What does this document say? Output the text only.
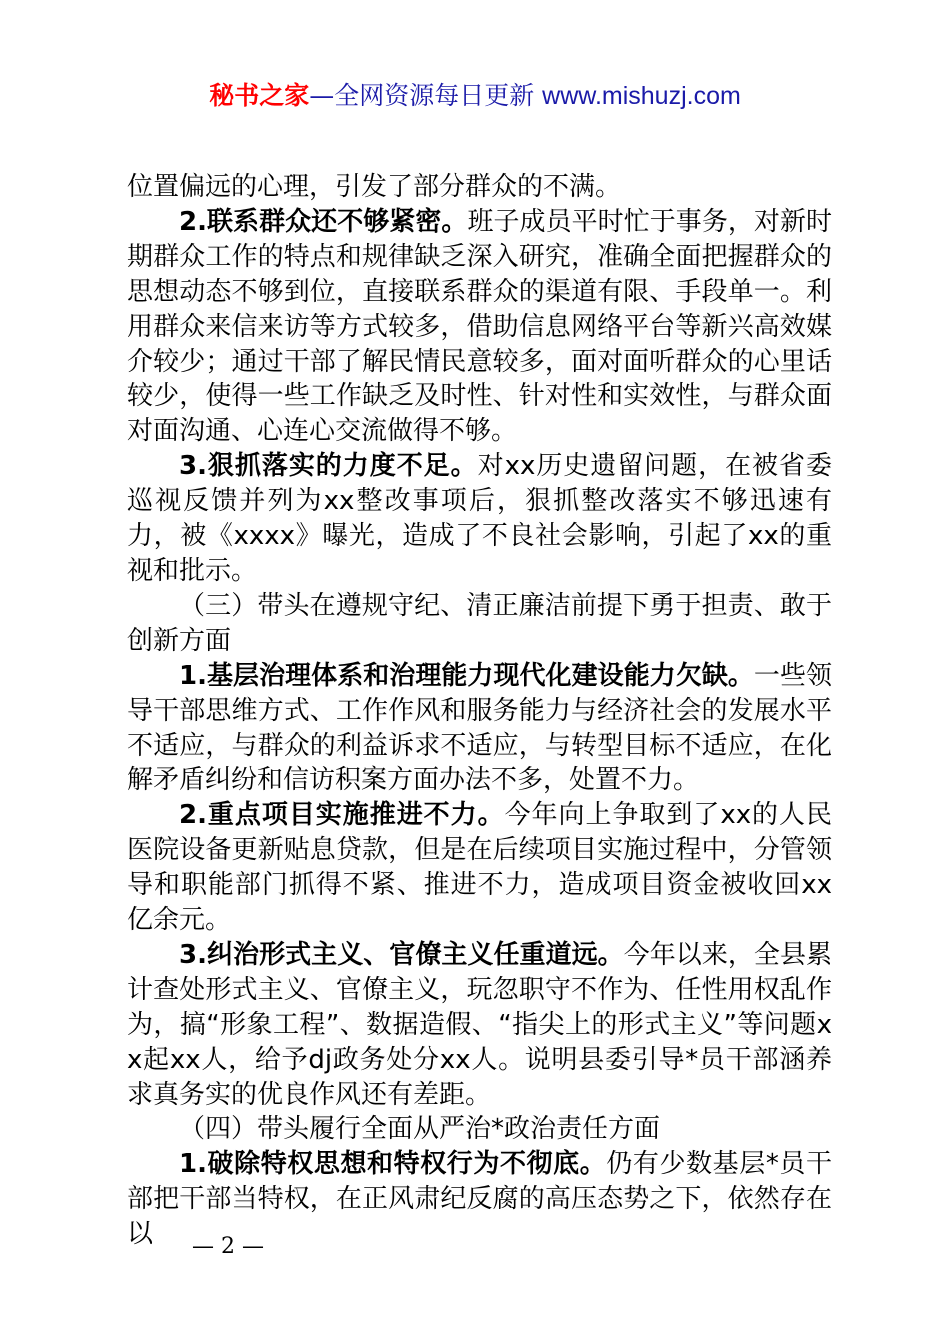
秘书之家—全网资源每日更新 www.mishuzj.com

位置偏远的心理，引发了部分群众的不满。

2.联系群众还不够紧密。班子成员平时忙于事务，对新时期群众工作的特点和规律缺乏深入研究，准确全面把握群众的思想动态不够到位，直接联系群众的渠道有限、手段单一。利用群众来信来访等方式较多，借助信息网络平台等新兴高效媒介较少；通过干部了解民情民意较多，面对面听群众的心里话较少，使得一些工作缺乏及时性、针对性和实效性，与群众面对面沟通、心连心交流做得不够。

3.狠抓落实的力度不足。对xx历史遗留问题，在被省委巡视反馈并列为xx整改事项后，狠抓整改落实不够迅速有力，被《xxxx》曝光，造成了不良社会影响，引起了xx的重视和批示。

（三）带头在遵规守纪、清正廉洁前提下勇于担责、敢于创新方面

1.基层治理体系和治理能力现代化建设能力欠缺。一些领导干部思维方式、工作作风和服务能力与经济社会的发展水平不适应，与群众的利益诉求不适应，与转型目标不适应，在化解矛盾纠纷和信访积案方面办法不多，处置不力。

2.重点项目实施推进不力。今年向上争取到了xx的人民医院设备更新贴息贷款，但是在后续项目实施过程中，分管领导和职能部门抓得不紧、推进不力，造成项目资金被收回xx亿余元。

3.纠治形式主义、官僚主义任重道远。今年以来，全县累计查处形式主义、官僚主义，玩忽职守不作为、任性用权乱作为，搞“形象工程”、数据造假、“指尖上的形式主义”等问题xx起xx人，给予dj政务处分xx人。说明县委引导*员干部涵养求真务实的优良作风还有差距。

（四）带头履行全面从严治*政治责任方面

1.破除特权思想和特权行为不彻底。仍有少数基层*员干部把干部当特权，在正风肃纪反腐的高压态势之下，依然存在以	— 2 —
